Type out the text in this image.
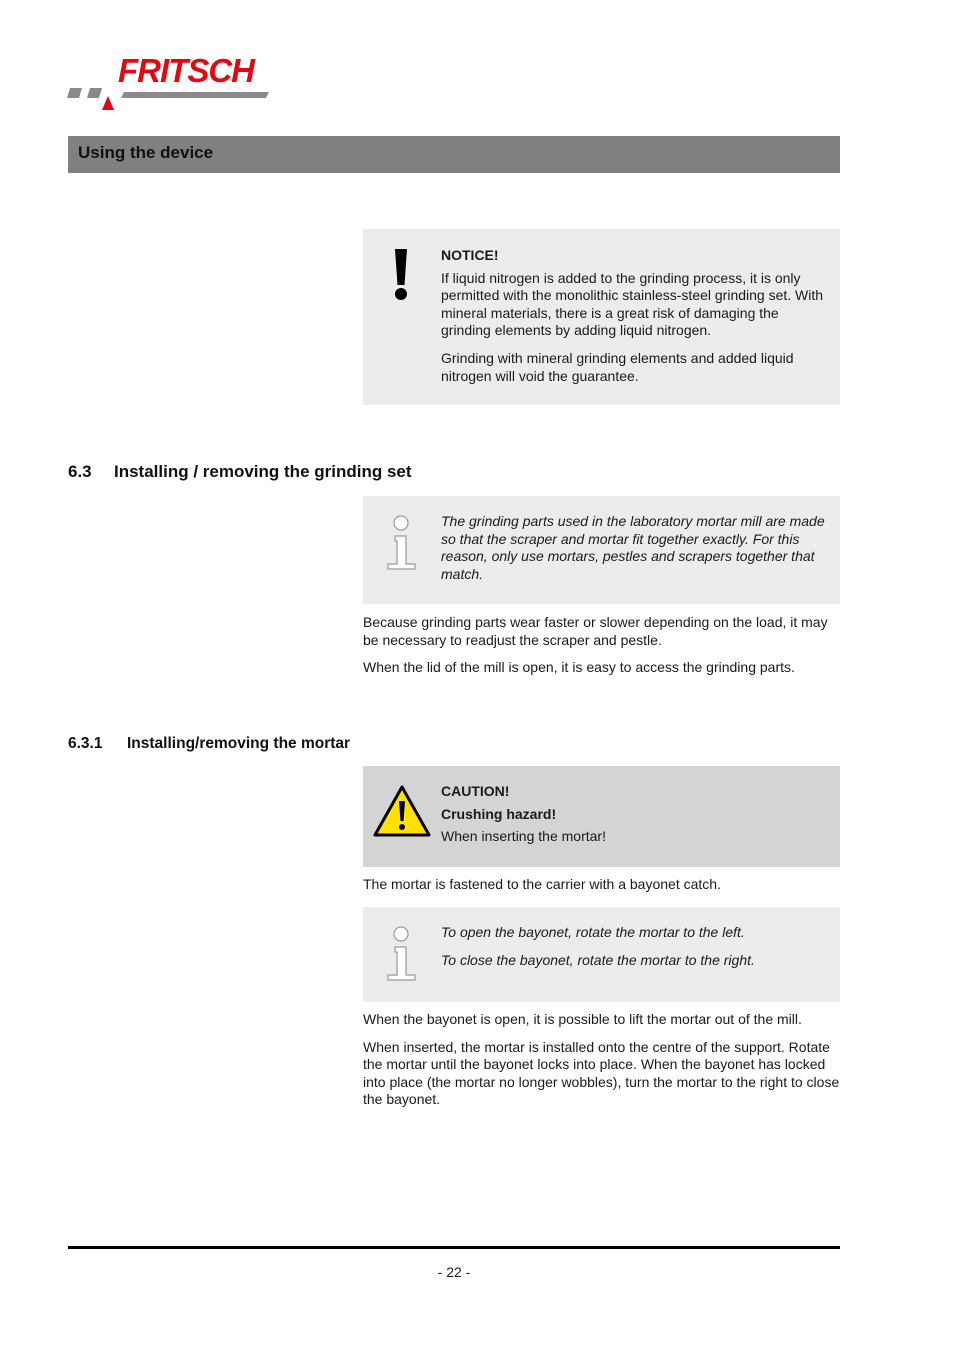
FRITSCH
Using the device

NOTICE!

If liquid nitrogen is added to the grinding process, it is only permitted with the monolithic stainless-steel grinding set. With mineral materials, there is a great risk of damaging the grinding elements by adding liquid nitrogen.

Grinding with mineral grinding elements and added liquid nitrogen will void the guarantee.

6.3 Installing / removing the grinding set

The grinding parts used in the laboratory mortar mill are made so that the scraper and mortar fit together exactly. For this reason, only use mortars, pestles and scrapers together that match.

Because grinding parts wear faster or slower depending on the load, it may be necessary to readjust the scraper and pestle.

When the lid of the mill is open, it is easy to access the grinding parts.

6.3.1 Installing/removing the mortar

CAUTION!

Crushing hazard!

When inserting the mortar!

The mortar is fastened to the carrier with a bayonet catch.

To open the bayonet, rotate the mortar to the left.

To close the bayonet, rotate the mortar to the right.

When the bayonet is open, it is possible to lift the mortar out of the mill.

When inserted, the mortar is installed onto the centre of the support. Rotate the mortar until the bayonet locks into place. When the bayonet has locked into place (the mortar no longer wobbles), turn the mortar to the right to close the bayonet.

- 22 -
